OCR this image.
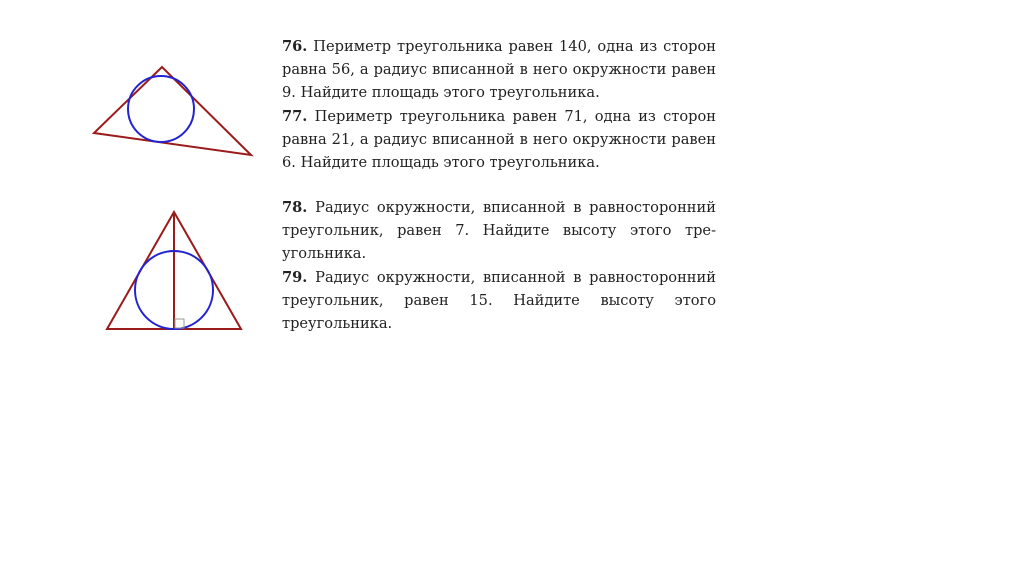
76. Периметр треугольника равен 140, одна из сторон равна 56, а радиус вписанной в него окружности равен 9. Найдите площадь этого треугольника.
77. Периметр треугольника равен 71, одна из сторон равна 21, а радиус вписанной в него окружности равен 6. Найдите площадь этого треугольника.
78. Радиус окружности, вписанной в равносторонний треугольник, равен 7. Найдите высоту этого треугольника.
79. Радиус окружности, вписанной в равносторонний треугольник, равен 15. Найдите высоту этого треугольника.
